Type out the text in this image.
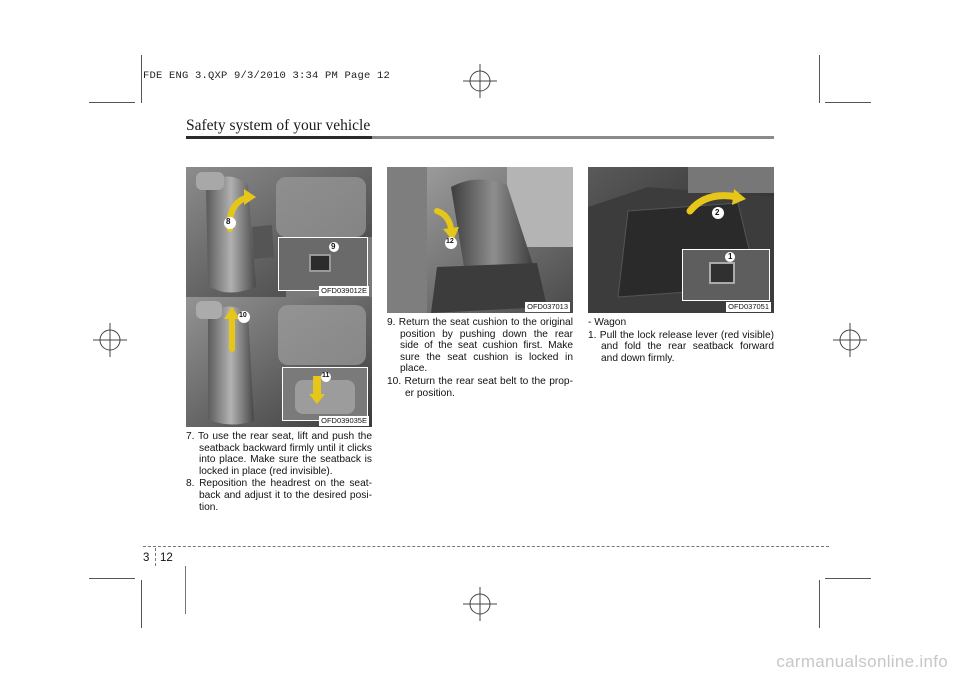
FDE ENG 3.QXP 9/3/2010 3:34 PM Page 12
Safety system of your vehicle
8
9
OFD039012E
10
11
OFD039035E
12
OFD037013
2
1
OFD037051

7. To use the rear seat, lift and push the seatback backward firmly until it clicks into place. Make sure the seatback is locked in place (red invisible).

8. Reposition the headrest on the seat-back and adjust it to the desired posi-tion.

9. Return the seat cushion to the original position by pushing down the rear side of the seat cushion first. Make sure the seat cushion is locked in place.

10. Return the rear seat belt to the prop-er position.

- Wagon

1. Pull the lock release lever (red visible) and fold the rear seatback forward and down firmly.

3 12
carmanualsonline.info
